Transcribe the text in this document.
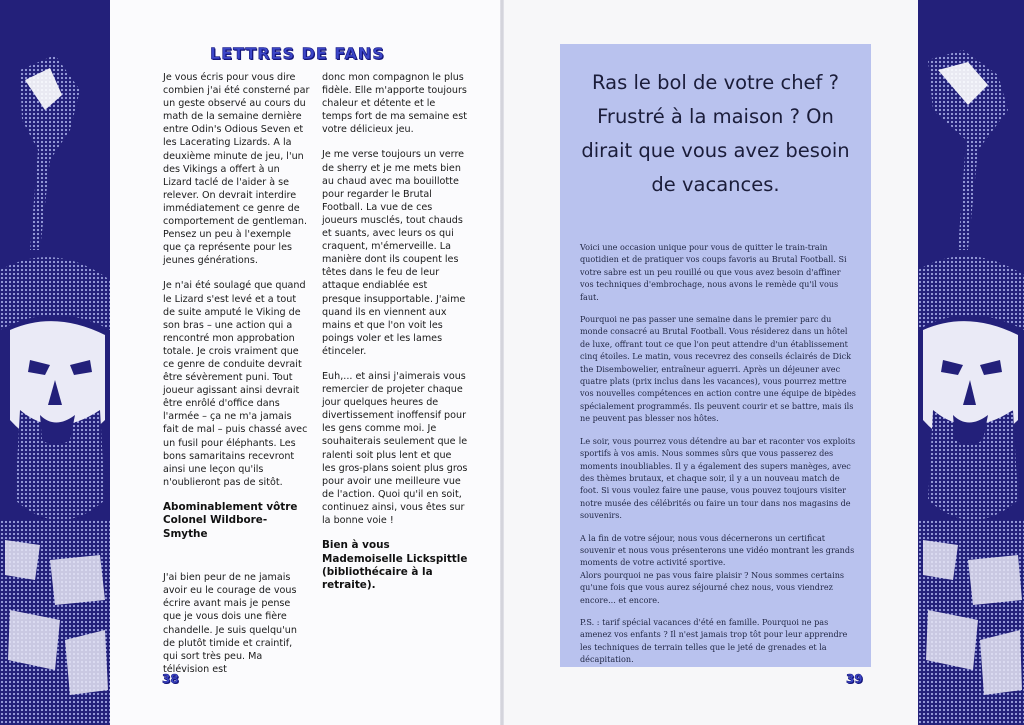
LETTRES DE FANS

Je vous écris pour vous dire combien j'ai été consterné par un geste observé au cours du math de la semaine dernière entre Odin's Odious Seven et les Lacerating Lizards. A la deuxième minute de jeu, l'un des Vikings a offert à un Lizard taclé de l'aider à se relever. On devrait interdire immédiatement ce genre de comportement de gentleman. Pensez un peu à l'exemple que ça représente pour les jeunes générations.

Je n'ai été soulagé que quand le Lizard s'est levé et a tout de suite amputé le Viking de son bras – une action qui a rencontré mon approbation totale. Je crois vraiment que ce genre de conduite devrait être sévèrement puni. Tout joueur agissant ainsi devrait être enrôlé d'office dans l'armée – ça ne m'a jamais fait de mal – puis chassé avec un fusil pour éléphants. Les bons samaritains recevront ainsi une leçon qu'ils n'oublieront pas de sitôt.

Abominablement vôtre Colonel Wildbore-Smythe

J'ai bien peur de ne jamais avoir eu le courage de vous écrire avant mais je pense que je vous dois une fière chandelle. Je suis quelqu'un de plutôt timide et craintif, qui sort très peu. Ma télévision est

donc mon compagnon le plus fidèle. Elle m'apporte toujours chaleur et détente et le temps fort de ma semaine est votre délicieux jeu.

Je me verse toujours un verre de sherry et je me mets bien au chaud avec ma bouillotte pour regarder le Brutal Football. La vue de ces joueurs musclés, tout chauds et suants, avec leurs os qui craquent, m'émerveille. La manière dont ils coupent les têtes dans le feu de leur attaque endiablée est presque insupportable. J'aime quand ils en viennent aux mains et que l'on voit les poings voler et les lames étinceler.

Euh,... et ainsi j'aimerais vous remercier de projeter chaque jour quelques heures de divertissement inoffensif pour les gens comme moi. Je souhaiterais seulement que le ralenti soit plus lent et que les gros-plans soient plus gros pour avoir une meilleure vue de l'action. Quoi qu'il en soit, continuez ainsi, vous êtes sur la bonne voie !

Bien à vous Mademoiselle Lickspittle (bibliothécaire à la retraite).

38
Ras le bol de votre chef ? Frustré à la maison ? On dirait que vous avez besoin de vacances.

Voici une occasion unique pour vous de quitter le train-train quotidien et de pratiquer vos coups favoris au Brutal Football. Si votre sabre est un peu rouillé ou que vous avez besoin d'affiner vos techniques d'embrochage, nous avons le remède qu'il vous faut.

Pourquoi ne pas passer une semaine dans le premier parc du monde consacré au Brutal Football. Vous résiderez dans un hôtel de luxe, offrant tout ce que l'on peut attendre d'un établissement cinq étoiles. Le matin, vous recevrez des conseils éclairés de Dick the Disembowelier, entraîneur aguerri. Après un déjeuner avec quatre plats (prix inclus dans les vacances), vous pourrez mettre vos nouvelles compétences en action contre une équipe de bipèdes spécialement programmés. Ils peuvent courir et se battre, mais ils ne peuvent pas blesser nos hôtes.

Le soir, vous pourrez vous détendre au bar et raconter vos exploits sportifs à vos amis. Nous sommes sûrs que vous passerez des moments inoubliables. Il y a également des supers manèges, avec des thèmes brutaux, et chaque soir, il y a un nouveau match de foot. Si vous voulez faire une pause, vous pouvez toujours visiter notre musée des célébrités ou faire un tour dans nos magasins de souvenirs.

A la fin de votre séjour, nous vous décernerons un certificat souvenir et nous vous présenterons une vidéo montrant les grands moments de votre activité sportive.
Alors pourquoi ne pas vous faire plaisir ? Nous sommes certains qu'une fois que vous aurez séjourné chez nous, vous viendrez encore... et encore.

P.S. : tarif spécial vacances d'été en famille. Pourquoi ne pas amenez vos enfants ? Il n'est jamais trop tôt pour leur apprendre les techniques de terrain telles que le jeté de grenades et la décapitation.

39
